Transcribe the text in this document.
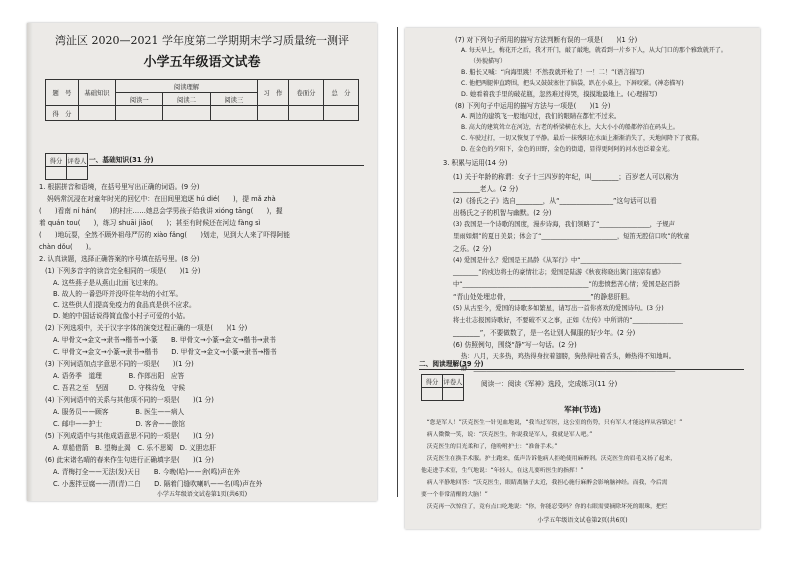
湾沚区 2020—2021 学年度第二学期期末学习质量统一测评
小学五年级语文试卷
题　号	基础知识	阅读理解			习　作	卷面分	总　分
		阅读一	阅读二	阅读三			
得　分							
得分	评卷人
	一、基础知识(31 分)
1. 根据拼音和语境，在括号里写出正确的词语。(9 分)
妈妈常沉浸在对童年时光的回忆中：在田间里追逐 hú dié(　　)，提 mǎ zhà
(　　)看南 ní hán(　　)的村庄……她总会学男孩子给我讲 xióng tāng(　　)，握
着 quán tou(　　)，练习 shuāi jiāo(　　)；甚至有时候还在河边 fàng sì
(　　)地玩耍，全然不顾外祖母严厉的 xiào fǎng(　　)划走，见到大人来了吓得阿能
chàn dǒu(　　)。
2. 认真读题，选择正确答案的序号填在括号里。(8 分)
(1) 下列多音字的读音完全相同的一项是(　　)(1 分)
A. 这些燕子是从燕山北面飞过来的。
B. 故人的一番恐吓并没吓住年幼的小红军。
C. 这些供人们提高免疫力的食品真是供不应求。
D. 她的中国话说得简直像小村子可爱的小姑。
(2) 下列选项中，关于汉字字体的演变过程正确的一项是(　　)(1 分)
A. 甲骨文→金文→隶书→楷书→小篆　　B. 甲骨文→小篆→金文→楷书→隶书
C. 甲骨文→金文→小篆→隶书→楷书　　D. 甲骨文→金文→小篆→隶书→楷书
(3) 下列词语加点字意思不同的一项是(　　)(1 分)
A. 语务季　道理　　　　B. 作郎出阳　应答
C. 吾君之至　坚固　　　D. 守株待兔　守候
(4) 下列词语中的关系与其他项不同的一项是(　　)(1 分)
A. 服务员——顾客　　　　B. 医生——病人
C. 邮申——护士　　　　　D. 客舍——旅馆
(5) 下列成语中与其他成语意思不同的一项是(　　)(1 分)
A. 草船借箭　B. 望梅止渴　C. 乐不思蜀　D. 义胆忠肝
(6) 此宋诸名晴的春来作生句进行正确填字是(　　)(1 分)
A. 青梅打全——无法(发)天日　　B. 今晚(哈)——舍(鸣)声在外
C. 小葱拌豆腐——清(青)二白　　D. 隔着门缝吹喇叭——名(鸣)声在外
小学五年级语文试卷第1页(共6页)
(7) 对下列句子所用的描写方法判断有误的一项是(　　)(1 分)
A. 每天早上，梅花开之后，我才开门，敲了敲地，就看到一片乡下人，从大门口的那个雅致就开了。
　（外貌描写）
B. 船长又喊：“向海里跳！不然我就开枪了！一！二！”(语言描写)
C. 他把两腿伸直跨围，把头又鼓鼓塞住了脑袋，趴在小桌上，下唇咬紧。(神态描写)
D. 她看着我手里的破花瓶，忽然难过得哭，摸摸地最地上。(心理描写)
(8) 下列句子中运用的描写方法与一项是(　　)(1 分)
A. 两边的建筑飞一般地闪过，我们的眼睛在都忙不过来。
B. 高大的建筑耸立在河边，古老的桥梁横在水上，大大小小的船都停泊在码头上。
C. 车驶过打，一切又恢复了平静。最后一抹残阳在水面上渐渐消失了，天地间降下了夜幕。
D. 在金色的夕阳下，金色的田野，金色的街道，显得更阿阿的河水也泛着金光。
3. 积累与运用(14 分)
(1) 关于年龄的称谓：女子十三四岁的年纪，叫________；百岁老人可以称为
________老人。(2 分)
(2)《扬氏之子》选自________，从“________________”这句话可以看
出杨氏之子的机智与幽默。(2 分)
(3) 我国是一个诗歌的国度，漫步诗海，我们领略了“________________，子规声
里雨如烟”的夏日美景；体会了“________________________，短笛无腔信口吹”的牧童
之乐。(2 分)
(4) 爱国是什么？爱国是王昌龄《从军行》中“________________________________
________”的戍边将士的豪情壮志；爱国是陆游《秋夜将晓出篱门迎凉有感》
中“________________________________________”的悲愤愁苦心情；爱国是赵百龄
“青山处处埋忠骨，________________________”的静悲肝胆。
(5) 从古至今，爱国的诗歌多如繁星，请写出一首你喜欢的爱国诗句。(3 分)
将士壮志报国诗歌好，不要破不又之事，正如《左传》中所讲的“________________
________”，不要做数了，是一名让别人佩服的好少年。(2 分)
(6) 仿照例句，围绕“静”写一句话。(2 分)
热：八月，天多热，鸡热得身拉着翅膀，狗热得吐着舌头，蝉热得不知地叫。
二、阅读理解(39 分)
得分	评卷人
		阅读一：阅读《军神》选段，完成练习(11 分)
军神(节选)
　“您是军人！”沃克医生一针见血地说，“我当过军医，这公室的伤势，只有军人才能这样从容镇定！”
　病人微微一笑，说：“沃克医生，你说我是军人，我就是军人吧。”
　沃克医生的目光柔和了，他吩咐护士：“准备手术。”
　沃克医生在换手术服。护士跑来，低声告诉他病人拒绝使用麻醉剂。沃克医生的眉毛又扬了起来，
他走进手术室，生气地说：“年轻人，在这儿要听医生的指挥！”
　病人平静地回答：“沃克医生，眼睛离脑子太近，我担心施行麻醉会影响脑神经。而我，今后需
要一个非常清醒的大脑！”
　沃克再一次惊住了，竟有点口吃地说：“你，你能忍受吗？你的右眼需要摘除坏死的眼珠，把烂
小学五年级语文试卷第2页(共6页)
